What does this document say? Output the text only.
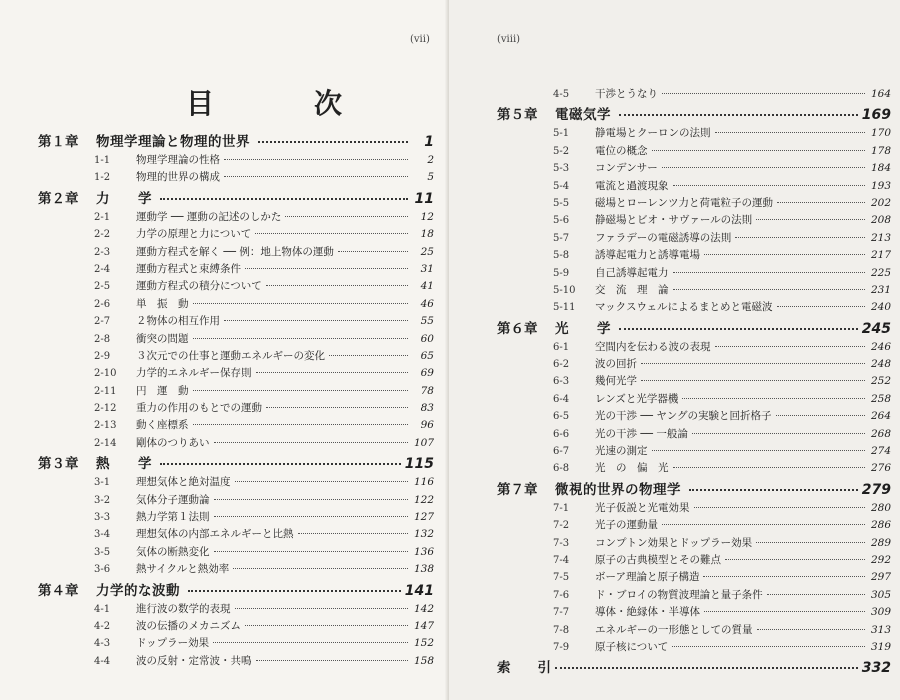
(vii)
目　次
第１章	物理学理論と物理的世界	1
1-1	物理学理論の性格	2
1-2	物理的世界の構成	5
第２章	力　　学	11
2-1	運動学 ── 運動の記述のしかた	12
2-2	力学の原理と力について	18
2-3	運動方程式を解く ── 例：地上物体の運動	25
2-4	運動方程式と束縛条件	31
2-5	運動方程式の積分について	41
2-6	単　振　動	46
2-7	２物体の相互作用	55
2-8	衝突の問題	60
2-9	３次元での仕事と運動エネルギーの変化	65
2-10	力学的エネルギー保存則	69
2-11	円　運　動	78
2-12	重力の作用のもとでの運動	83
2-13	動く座標系	96
2-14	剛体のつりあい	107
第３章	熱　　学	115
3-1	理想気体と絶対温度	116
3-2	気体分子運動論	122
3-3	熱力学第１法則	127
3-4	理想気体の内部エネルギーと比熱	132
3-5	気体の断熱変化	136
3-6	熱サイクルと熱効率	138
第４章	力学的な波動	141
4-1	進行波の数学的表現	142
4-2	波の伝播のメカニズム	147
4-3	ドップラー効果	152
4-4	波の反射・定常波・共鳴	158
(viii)
4-5	干渉とうなり	164
第５章	電磁気学	169
5-1	静電場とクーロンの法則	170
5-2	電位の概念	178
5-3	コンデンサー	184
5-4	電流と過渡現象	193
5-5	磁場とローレンツ力と荷電粒子の運動	202
5-6	静磁場とビオ・サヴァールの法則	208
5-7	ファラデーの電磁誘導の法則	213
5-8	誘導起電力と誘導電場	217
5-9	自己誘導起電力	225
5-10	交　流　理　論	231
5-11	マックスウェルによるまとめと電磁波	240
第６章	光　　学	245
6-1	空間内を伝わる波の表現	246
6-2	波の回折	248
6-3	幾何光学	252
6-4	レンズと光学器機	258
6-5	光の干渉 ── ヤングの実験と回折格子	264
6-6	光の干渉 ── 一般論	268
6-7	光速の測定	274
6-8	光　の　偏　光	276
第７章	微視的世界の物理学	279
7-1	光子仮説と光電効果	280
7-2	光子の運動量	286
7-3	コンプトン効果とドップラー効果	289
7-4	原子の古典模型とその難点	292
7-5	ボーア理論と原子構造	297
7-6	ド・ブロイの物質波理論と量子条件	305
7-7	導体・絶縁体・半導体	309
7-8	エネルギーの一形態としての質量	313
7-9	原子核について	319
索　　引	332
